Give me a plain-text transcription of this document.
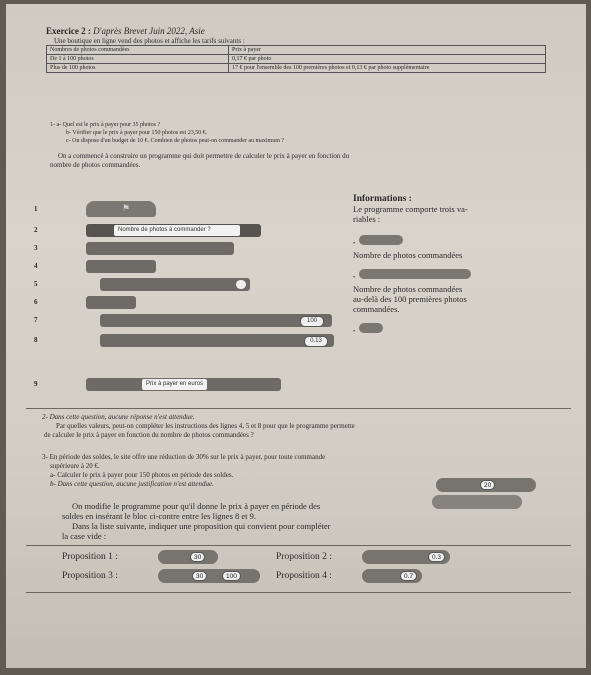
Exercice 2 : D'après Brevet Juin 2022, Asie
Une boutique en ligne vend des photos et affiche les tarifs suivants :
Nombres de photos commandées	Prix à payer
De 1 à 100 photos	0,17 € par photo
Plus de 100 photos	17 € pour l'ensemble des 100 premières photos et 0,13 € par photo supplémentaire
1- a- Quel est le prix à payer pour 35 photos ?
b- Vérifier que le prix à payer pour 150 photos est 23,50 €.
c- On dispose d'un budget de 10 €. Combien de photos peut-on commander au maximum ?
On a commencé à construire un programme qui doit permettre de calculer le prix à payer en fonction du
nombre de photos commandées.
1	⚑
2	Nombre de photos à commander ?
3
4
5
6
7	100
8	0.13
9	Prix à payer en euros
Informations :
Le programme comporte trois va-
riables :
•
Nombre de photos commandées
•
Nombre de photos commandées
au-delà des 100 premières photos
commandées.
•
2- Dans cette question, aucune réponse n'est attendue.
Par quelles valeurs, peut-on compléter les instructions des lignes 4, 5 et 8 pour que le programme permette
de calculer le prix à payer en fonction du nombre de photos commandées ?
3- En période des soldes, le site offre une réduction de 30% sur le prix à payer, pour toute commande
supérieure à 20 €.
a- Calculer le prix à payer pour 150 photos en période des soldes.
b- Dans cette question, aucune justification n'est attendue.	20
On modifie le programme pour qu'il donne le prix à payer en période des
soldes en insérant le bloc ci-contre entre les lignes 8 et 9.
Dans la liste suivante, indiquer une proposition qui convient pour compléter
la case vide :
Proposition 1 :	30	Proposition 2 :	0.3
Proposition 3 :	30	100	Proposition 4 :	0.7
